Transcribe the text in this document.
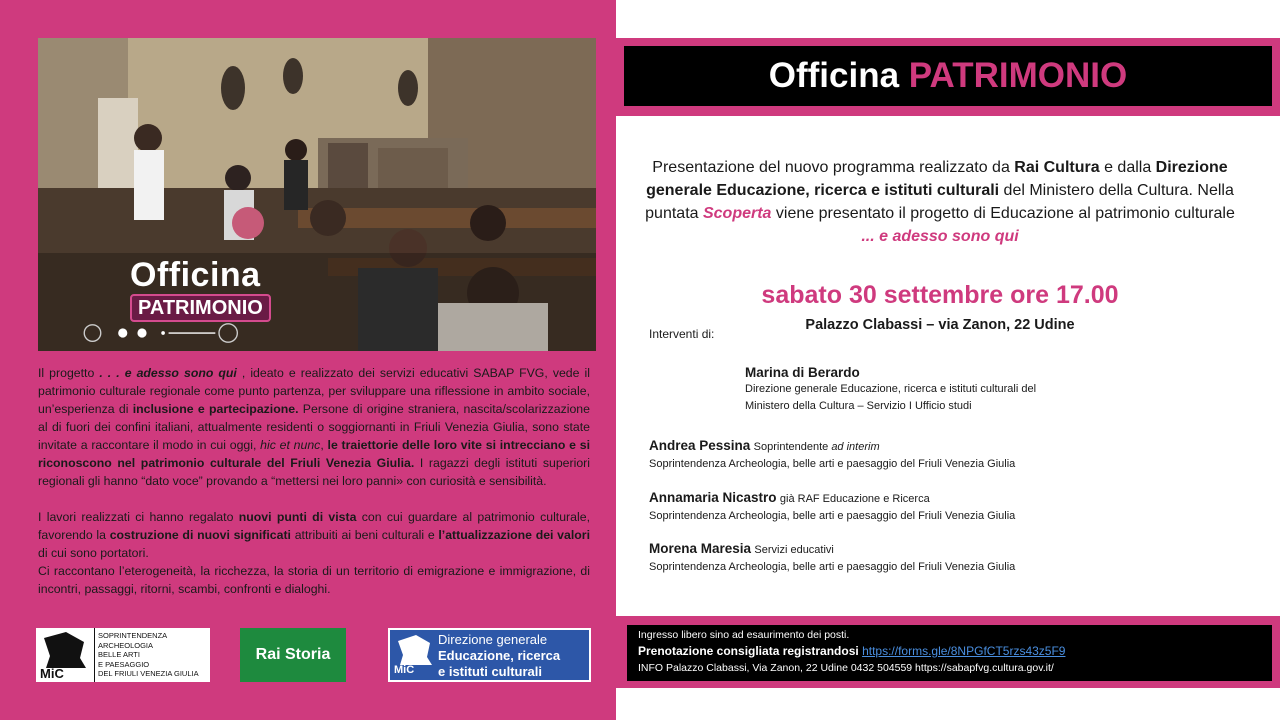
Officina
PATRIMONIO

Il progetto . . . e adesso sono qui , ideato e realizzato dei servizi educativi SABAP FVG, vede il patrimonio culturale regionale come punto partenza, per sviluppare una riflessione in ambito sociale, un’esperienza di inclusione e partecipazione. Persone di origine straniera, nascita/scolarizzazione al di fuori dei confini italiani, attualmente residenti o soggiornanti in Friuli Venezia Giulia, sono state invitate a raccontare il modo in cui oggi, hic et nunc, le traiettorie delle loro vite si intrecciano e si riconoscono nel patrimonio culturale del Friuli Venezia Giulia. I ragazzi degli istituti superiori regionali gli hanno “dato voce” provando a “mettersi nei loro panni» con curiosità e sensibilità.

I lavori realizzati ci hanno regalato nuovi punti di vista con cui guardare al patrimonio culturale, favorendo la costruzione di nuovi significati attribuiti ai beni culturali e l’attualizzazione dei valori di cui sono portatori.

Ci raccontano l’eterogeneità, la ricchezza, la storia di un territorio di emigrazione e immigrazione, di incontri, passaggi, ritorni, scambi, confronti e dialoghi.

MiC
SOPRINTENDENZA
ARCHEOLOGIA
BELLE ARTI
E PAESAGGIO
DEL FRIULI VENEZIA GIULIA
Rai Storia
MiC
Direzione generale
Educazione, ricerca
e istituti culturali
Officina PATRIMONIO
Presentazione del nuovo programma realizzato da Rai Cultura e dalla Direzione generale Educazione, ricerca e istituti culturali del Ministero della Cultura. Nella puntata Scoperta viene presentato il progetto di Educazione al patrimonio culturale ... e adesso sono qui
sabato 30 settembre ore 17.00
Palazzo Clabassi – via Zanon, 22 Udine
Interventi di:
Marina di Berardo
Direzione generale Educazione, ricerca e istituti culturali del
Ministero della Cultura – Servizio I Ufficio studi
Andrea Pessina Soprintendente ad interim
Soprintendenza Archeologia, belle arti e paesaggio del Friuli Venezia Giulia
Annamaria Nicastro già RAF Educazione e Ricerca
Soprintendenza Archeologia, belle arti e paesaggio del Friuli Venezia Giulia
Morena Maresia Servizi educativi
Soprintendenza Archeologia, belle arti e paesaggio del Friuli Venezia Giulia
Ingresso libero sino ad esaurimento dei posti.
Prenotazione consigliata registrandosi https://forms.gle/8NPGfCT5rzs43z5F9
INFO Palazzo Clabassi, Via Zanon, 22 Udine 0432 504559 https://sabapfvg.cultura.gov.it/
